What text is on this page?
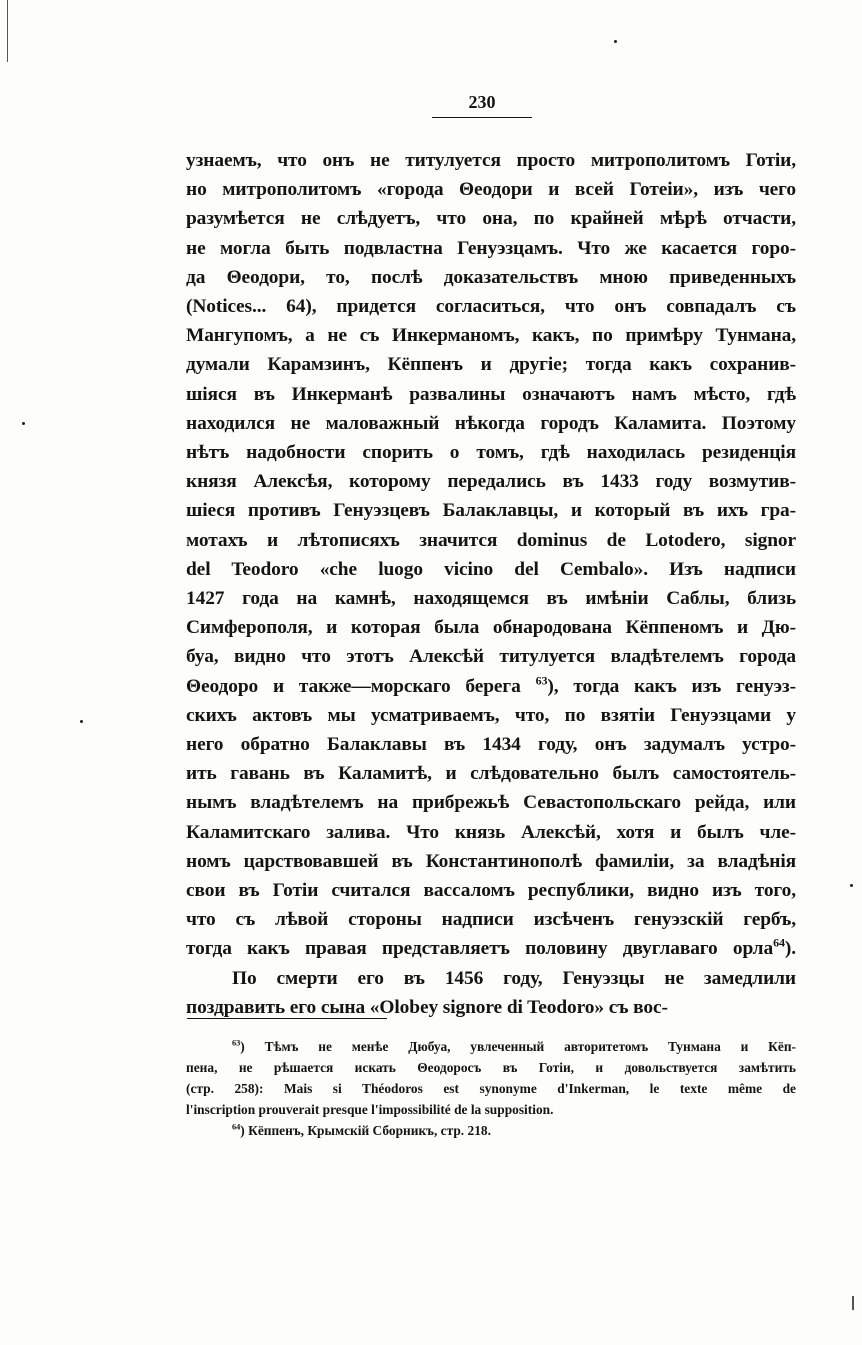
230
узнаемъ, что онъ не титулуется просто митрополитомъ Готіи,
но митрополитомъ «города Θеодори и всей Готеіи», изъ чего
разумѣется не слѣдуетъ, что она, по крайней мѣрѣ отчасти,
не могла быть подвластна Генуэзцамъ. Что же касается горо-
да Θеодори, то, послѣ доказательствъ мною приведенныхъ
(Notices... 64), придется согласиться, что онъ совпадалъ съ
Мангупомъ, а не съ Инкерманомъ, какъ, по примѣру Тунмана,
думали Карамзинъ, Кёппенъ и другіе; тогда какъ сохранив-
шіяся въ Инкерманѣ развалины означаютъ намъ мѣсто, гдѣ
находился не маловажный нѣкогда городъ Каламита. Поэтому
нѣтъ надобности спорить о томъ, гдѣ находилась резиденція
князя Алексѣя, которому передались въ 1433 году возмутив-
шіеся противъ Генуэзцевъ Балаклавцы, и который въ ихъ гра-
мотахъ и лѣтописяхъ значится dominus de Lotodero, signor
del Teodoro «che luogo vicino del Cembalo». Изъ надписи
1427 года на камнѣ, находящемся въ имѣніи Саблы, близь
Симферополя, и которая была обнародована Кёппеномъ и Дю-
буа, видно что этотъ Алексѣй титулуется владѣтелемъ города
Θеодоро и также—морскаго берега $^{63}$), тогда какъ изъ генуэз-
скихъ актовъ мы усматриваемъ, что, по взятіи Генуэзцами у
него обратно Балаклавы въ 1434 году, онъ задумалъ устро-
ить гавань въ Каламитѣ, и слѣдовательно былъ самостоятель-
нымъ владѣтелемъ на прибрежьѣ Севастопольскаго рейда, или
Каламитскаго залива. Что князь Алексѣй, хотя и былъ чле-
номъ царствовавшей въ Константинополѣ фамиліи, за владѣнія
свои въ Готіи считался вассаломъ республики, видно изъ того,
что съ лѣвой стороны надписи изсѣченъ генуэзскій гербъ,
тогда какъ правая представляетъ половину двуглаваго орла$^{64}$).
По смерти его въ 1456 году, Генуэзцы не замедлили
поздравить его сына «Olobey signore di Teodoro» съ вос-
$^{63}$) Тѣмъ не менѣе Дюбуа, увлеченный авторитетомъ Тунмана и Кёп-
пена, не рѣшается искать Θеодоросъ въ Готіи, и довольствуется замѣтить
(стр. 258): Mais si Théodoros est synonyme d'Inkerman, le texte même de
l'inscription prouverait presque l'impossibilité de la supposition.
$^{64}$) Кёппенъ, Крымскій Сборникъ, стр. 218.
